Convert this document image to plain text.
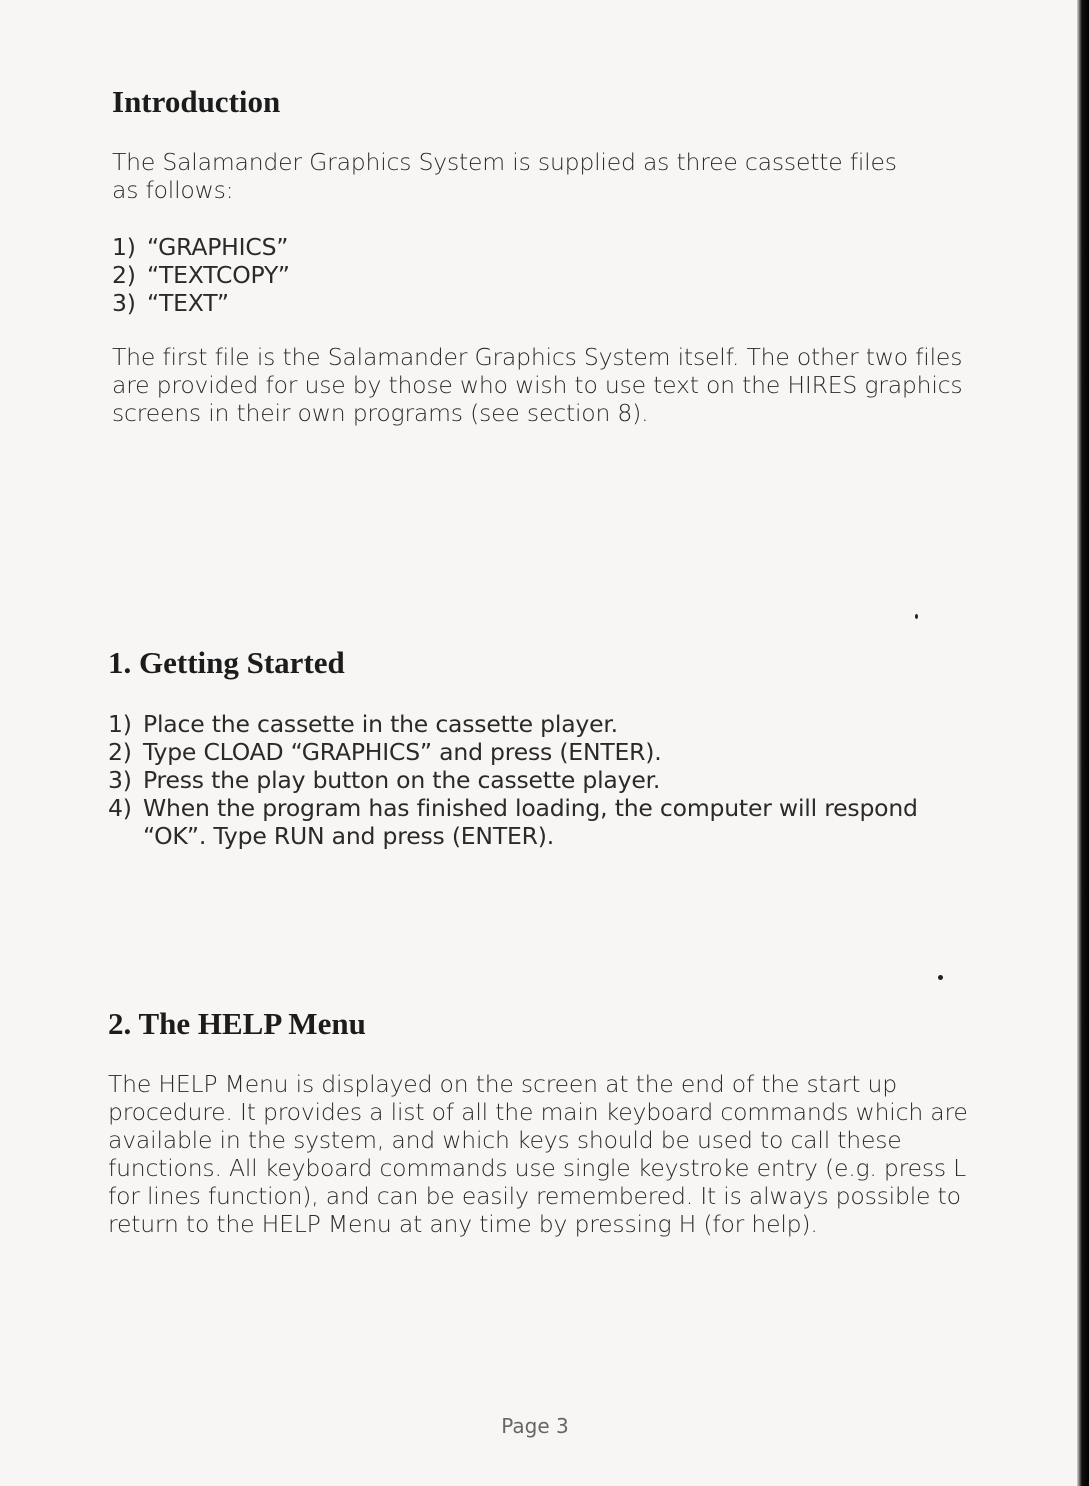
Introduction

The Salamander Graphics System is supplied as three cassette files as follows:

1) “GRAPHICS”
2) “TEXTCOPY”
3) “TEXT”

The first file is the Salamander Graphics System itself. The other two files are provided for use by those who wish to use text on the HIRES graphics screens in their own programs (see section 8).

1. Getting Started
1) Place the cassette in the cassette player.
2) Type CLOAD “GRAPHICS” and press (ENTER).
3) Press the play button on the cassette player.
4) When the program has finished loading, the computer will respond “OK”. Type RUN and press (ENTER).
2. The HELP Menu

The HELP Menu is displayed on the screen at the end of the start up procedure. It provides a list of all the main keyboard commands which are available in the system, and which keys should be used to call these functions. All keyboard commands use single keystroke entry (e.g. press L for lines function), and can be easily remembered. It is always possible to return to the HELP Menu at any time by pressing H (for help).

Page 3
